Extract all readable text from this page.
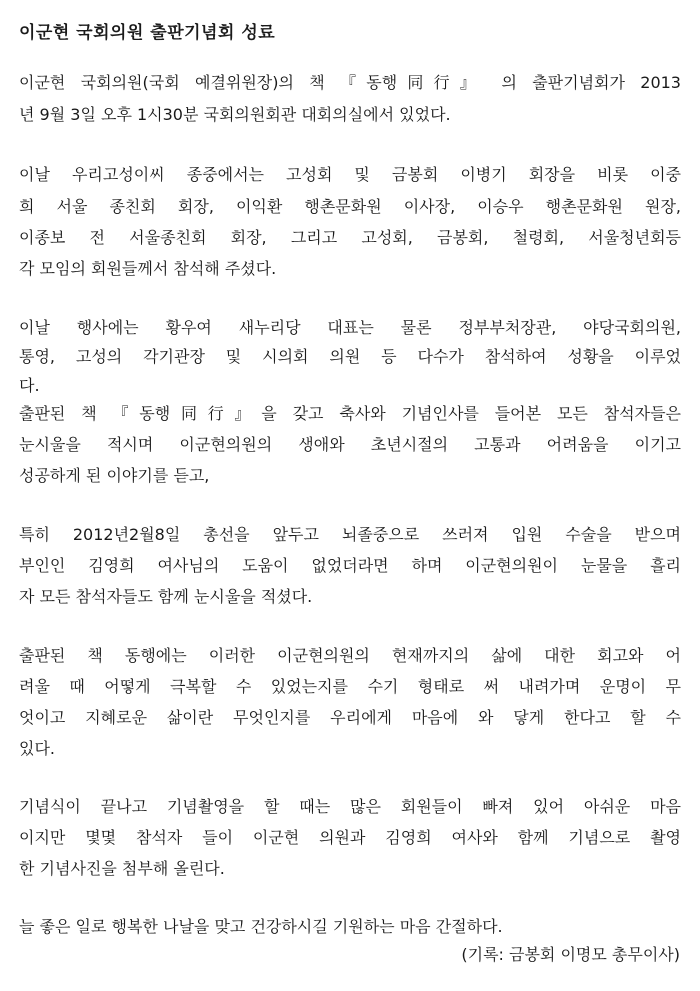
이군현 국회의원 출판기념회 성료
이군현 국회의원(국회 예결위원장)의 책 『동행同行』 의 출판기념회가 2013
년 9월 3일 오후 1시30분 국회의원회관 대회의실에서 있었다.
이날 우리고성이씨 종중에서는 고성회 및 금봉회 이병기 회장을 비롯 이중
희 서울 종친회 회장, 이익환 행촌문화원 이사장, 이승우 행촌문화원 원장,
이종보 전 서울종친회 회장, 그리고 고성회, 금봉회, 철령회, 서울청년회등
각 모임의 회원들께서 참석해 주셨다.
이날 행사에는 황우여 새누리당 대표는 물론 정부부처장관, 야당국회의원,
통영, 고성의 각기관장 및 시의회 의원 등 다수가 참석하여 성황을 이루었
다.
출판된 책 『동행同行』을 갖고 축사와 기념인사를 들어본 모든 참석자들은
눈시울을 적시며 이군현의원의 생애와 초년시절의 고통과 어려움을 이기고
성공하게 된 이야기를 듣고,
특히 2012년2월8일 총선을 앞두고 뇌졸중으로 쓰러져 입원 수술을 받으며
부인인 김영희 여사님의 도움이 없었더라면 하며 이군현의원이 눈물을 흘리
자 모든 참석자들도 함께 눈시울을 적셨다.
출판된 책 동행에는 이러한 이군현의원의 현재까지의 삶에 대한 회고와 어
려울 때 어떻게 극복할 수 있었는지를 수기 형태로 써 내려가며 운명이 무
엇이고 지혜로운 삶이란 무엇인지를 우리에게 마음에 와 닿게 한다고 할 수
있다.
기념식이 끝나고 기념촬영을 할 때는 많은 회원들이 빠져 있어 아쉬운 마음
이지만 몇몇 참석자 들이 이군현 의원과 김영희 여사와 함께 기념으로 촬영
한 기념사진을 첨부해 올린다.
늘 좋은 일로 행복한 나날을 맞고 건강하시길 기원하는 마음 간절하다.
(기록: 금봉회 이명모 총무이사)
